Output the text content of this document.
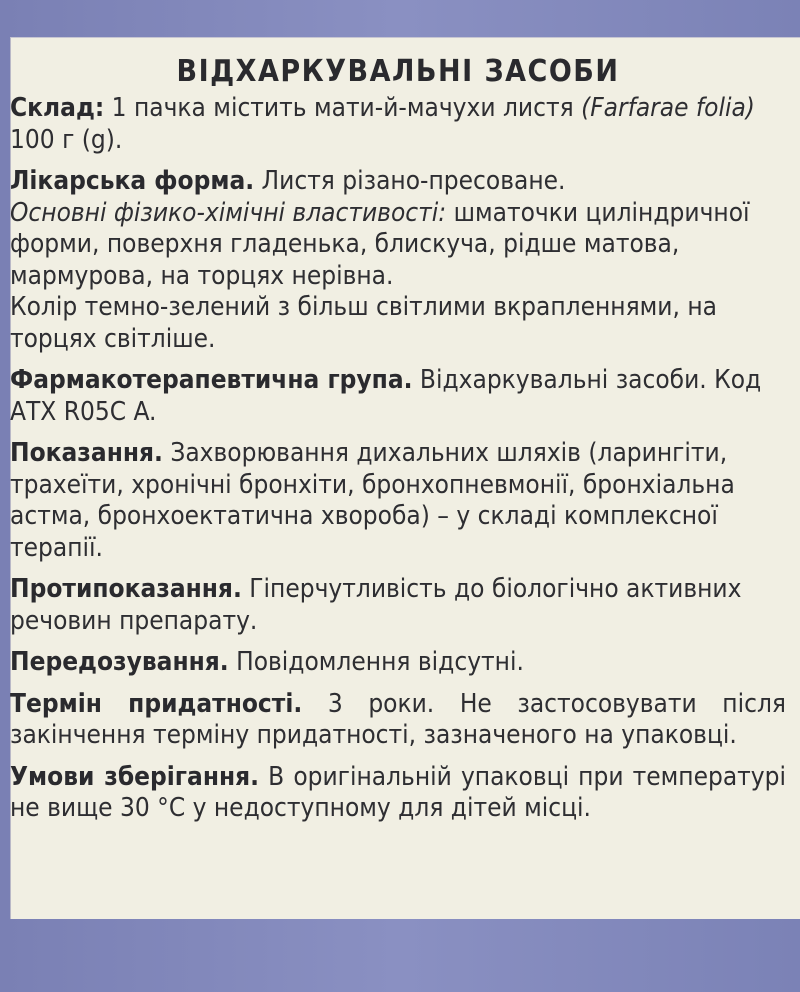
ВІДХАРКУВАЛЬНІ ЗАСОБИ
Склад: 1 пачка містить мати-й-мачухи листя (Farfarae folia) 100 г (g).
Лікарська форма. Листя різано-пресоване.
Основні фізико-хімічні властивості: шматочки циліндричної форми, поверхня гладенька, блискуча, рідше матова, мармурова, на торцях нерівна.
Колір темно-зелений з більш світлими вкрапленнями, на торцях світліше.
Фармакотерапевтична група. Відхаркувальні засоби. Код АТХ R05C A.
Показання. Захворювання дихальних шляхів (ларингіти, трахеїти, хронічні бронхіти, бронхопневмонії, бронхіальна астма, бронхоектатична хвороба) – у складі комплексної терапії.
Протипоказання. Гіперчутливість до біологічно активних речовин препарату.
Передозування. Повідомлення відсутні.
Термін придатності. 3 роки. Не застосовувати після закінчення терміну придатності, зазначеного на упаковці.
Умови зберігання. В оригінальній упаковці при температурі не вище 30 °С у недоступному для дітей місці.
